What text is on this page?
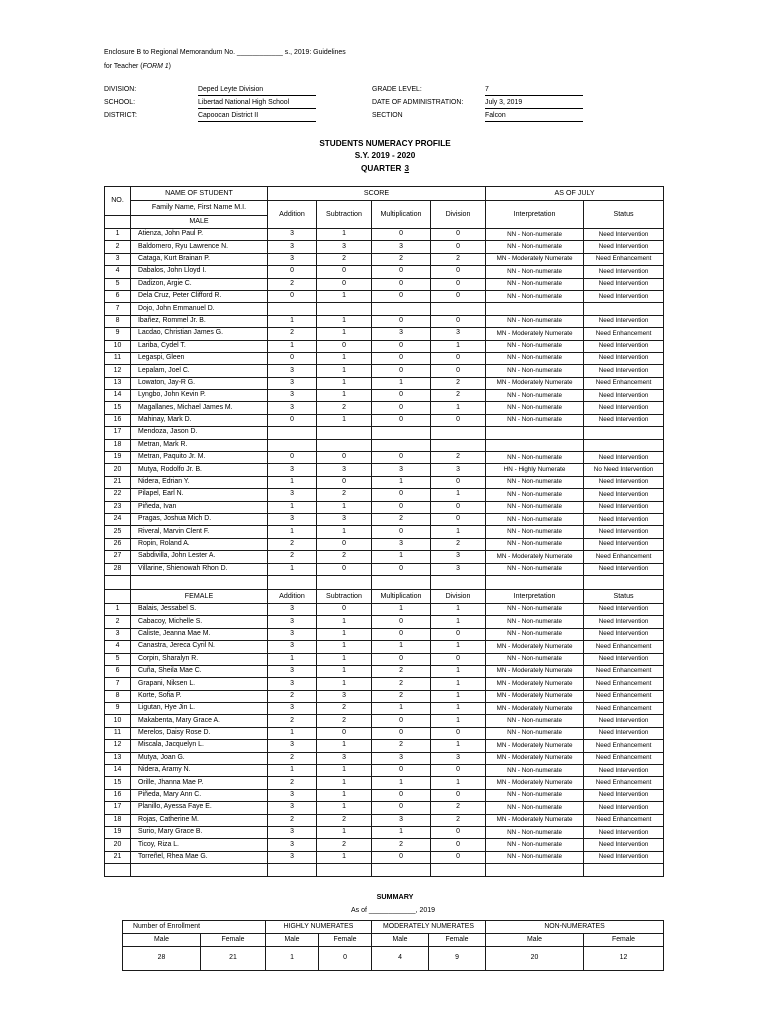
Enclosure B to Regional Memorandum No. ____________ s., 2019: Guidelines
for Teacher (FORM 1)
DIVISION:	Deped Leyte Division
SCHOOL:	Libertad National High School
DISTRICT:	Capoocan District II
GRADE LEVEL:	7
DATE OF ADMINISTRATION:	July 3, 2019
SECTION	Falcon
STUDENTS NUMERACY PROFILE
S.Y. 2019 - 2020
QUARTER 3
NO.	NAME OF STUDENT	SCORE				AS OF JULY	
	Family Name, First Name M.I.	Addition	Subtraction	Multiplication	Division	Interpretation	Status
	MALE						
1	Atienza, John Paul P.	3	1	0	0	NN - Non-numerate	Need Intervention
2	Baldomero, Ryu Lawrence N.	3	3	3	0	NN - Non-numerate	Need Intervention
3	Cataga, Kurt Brainan P.	3	2	2	2	MN - Moderately Numerate	Need Enhancement
4	Dabalos, John Lloyd I.	0	0	0	0	NN - Non-numerate	Need Intervention
5	Dadizon, Argie C.	2	0	0	0	NN - Non-numerate	Need Intervention
6	Dela Cruz, Peter Clifford R.	0	1	0	0	NN - Non-numerate	Need Intervention
7	Dojo, John Emmanuel D.						
8	Ibañez, Rommel Jr. B.	1	1	0	0	NN - Non-numerate	Need Intervention
9	Lacdao, Christian James G.	2	1	3	3	MN - Moderately Numerate	Need Enhancement
10	Lariba, Cydel T.	1	0	0	1	NN - Non-numerate	Need Intervention
11	Legaspi, Gleen	0	1	0	0	NN - Non-numerate	Need Intervention
12	Lepalam, Joel C.	3	1	0	0	NN - Non-numerate	Need Intervention
13	Lowaton, Jay-R G.	3	1	1	2	MN - Moderately Numerate	Need Enhancement
14	Lyngbo, John Kevin P.	3	1	0	2	NN - Non-numerate	Need Intervention
15	Magallanes, Michael James M.	3	2	0	1	NN - Non-numerate	Need Intervention
16	Mahinay, Mark D.	0	1	0	0	NN - Non-numerate	Need Intervention
17	Mendoza, Jason D.						
18	Metran, Mark R.						
19	Metran, Paquito Jr. M.	0	0	0	2	NN - Non-numerate	Need Intervention
20	Mutya, Rodolfo Jr. B.	3	3	3	3	HN - Highly Numerate	No Need Intervention
21	Nidera, Edrian Y.	1	0	1	0	NN - Non-numerate	Need Intervention
22	Pilapel, Earl N.	3	2	0	1	NN - Non-numerate	Need Intervention
23	Piñeda, Ivan	1	1	0	0	NN - Non-numerate	Need Intervention
24	Pragas, Joshua Mich D.	3	3	2	0	NN - Non-numerate	Need Intervention
25	Riveral, Marvin Clent F.	1	1	0	1	NN - Non-numerate	Need Intervention
26	Ropin, Roland A.	2	0	3	2	NN - Non-numerate	Need Intervention
27	Sabdivilla, John Lester A.	2	2	1	3	MN - Moderately Numerate	Need Enhancement
28	Villarine, Shienowah Rhon D.	1	0	0	3	NN - Non-numerate	Need Intervention

	FEMALE	Addition	Subtraction	Multiplication	Division	Interpretation	Status
1	Balais, Jessabel S.	3	0	1	1	NN - Non-numerate	Need Intervention
2	Cabacoy, Michelle S.	3	1	0	1	NN - Non-numerate	Need Intervention
3	Caliste, Jeanna Mae M.	3	1	0	0	NN - Non-numerate	Need Intervention
4	Canastra, Jereca Cyril N.	3	1	1	1	MN - Moderately Numerate	Need Enhancement
5	Corpin, Sharalyn R.	1	1	0	0	NN - Non-numerate	Need Intervention
6	Cuña, Sheila Mae C.	3	1	2	1	MN - Moderately Numerate	Need Enhancement
7	Grapani, Niksen L.	3	1	2	1	MN - Moderately Numerate	Need Enhancement
8	Korte, Sofia P.	2	3	2	1	MN - Moderately Numerate	Need Enhancement
9	Ligutan, Hye Jin L.	3	2	1	1	MN - Moderately Numerate	Need Enhancement
10	Makabenta, Mary Grace A.	2	2	0	1	NN - Non-numerate	Need Intervention
11	Merelos, Daisy Rose D.	1	0	0	0	NN - Non-numerate	Need Intervention
12	Miscala, Jacquelyn L.	3	1	2	1	MN - Moderately Numerate	Need Enhancement
13	Mutya, Joan G.	2	3	3	3	MN - Moderately Numerate	Need Enhancement
14	Nidera, Aramy N.	1	1	0	0	NN - Non-numerate	Need Intervention
15	Orille, Jhanna Mae P.	2	1	1	1	MN - Moderately Numerate	Need Enhancement
16	Piñeda, Mary Ann C.	3	1	0	0	NN - Non-numerate	Need Intervention
17	Planillo, Ayessa Faye E.	3	1	0	2	NN - Non-numerate	Need Intervention
18	Rojas, Catherine M.	2	2	3	2	MN - Moderately Numerate	Need Enhancement
19	Surio, Mary Grace B.	3	1	1	0	NN - Non-numerate	Need Intervention
20	Ticoy, Riza L.	3	2	2	0	NN - Non-numerate	Need Intervention
21	Torreñel, Rhea Mae G.	3	1	0	0	NN - Non-numerate	Need Intervention

SUMMARY
As of ____________, 2019
Number of Enrollment		HIGHLY NUMERATES		MODERATELY NUMERATES		NON-NUMERATES	
Male	Female	Male	Female	Male	Female	Male	Female
28	21	1	0	4	9	20	12
